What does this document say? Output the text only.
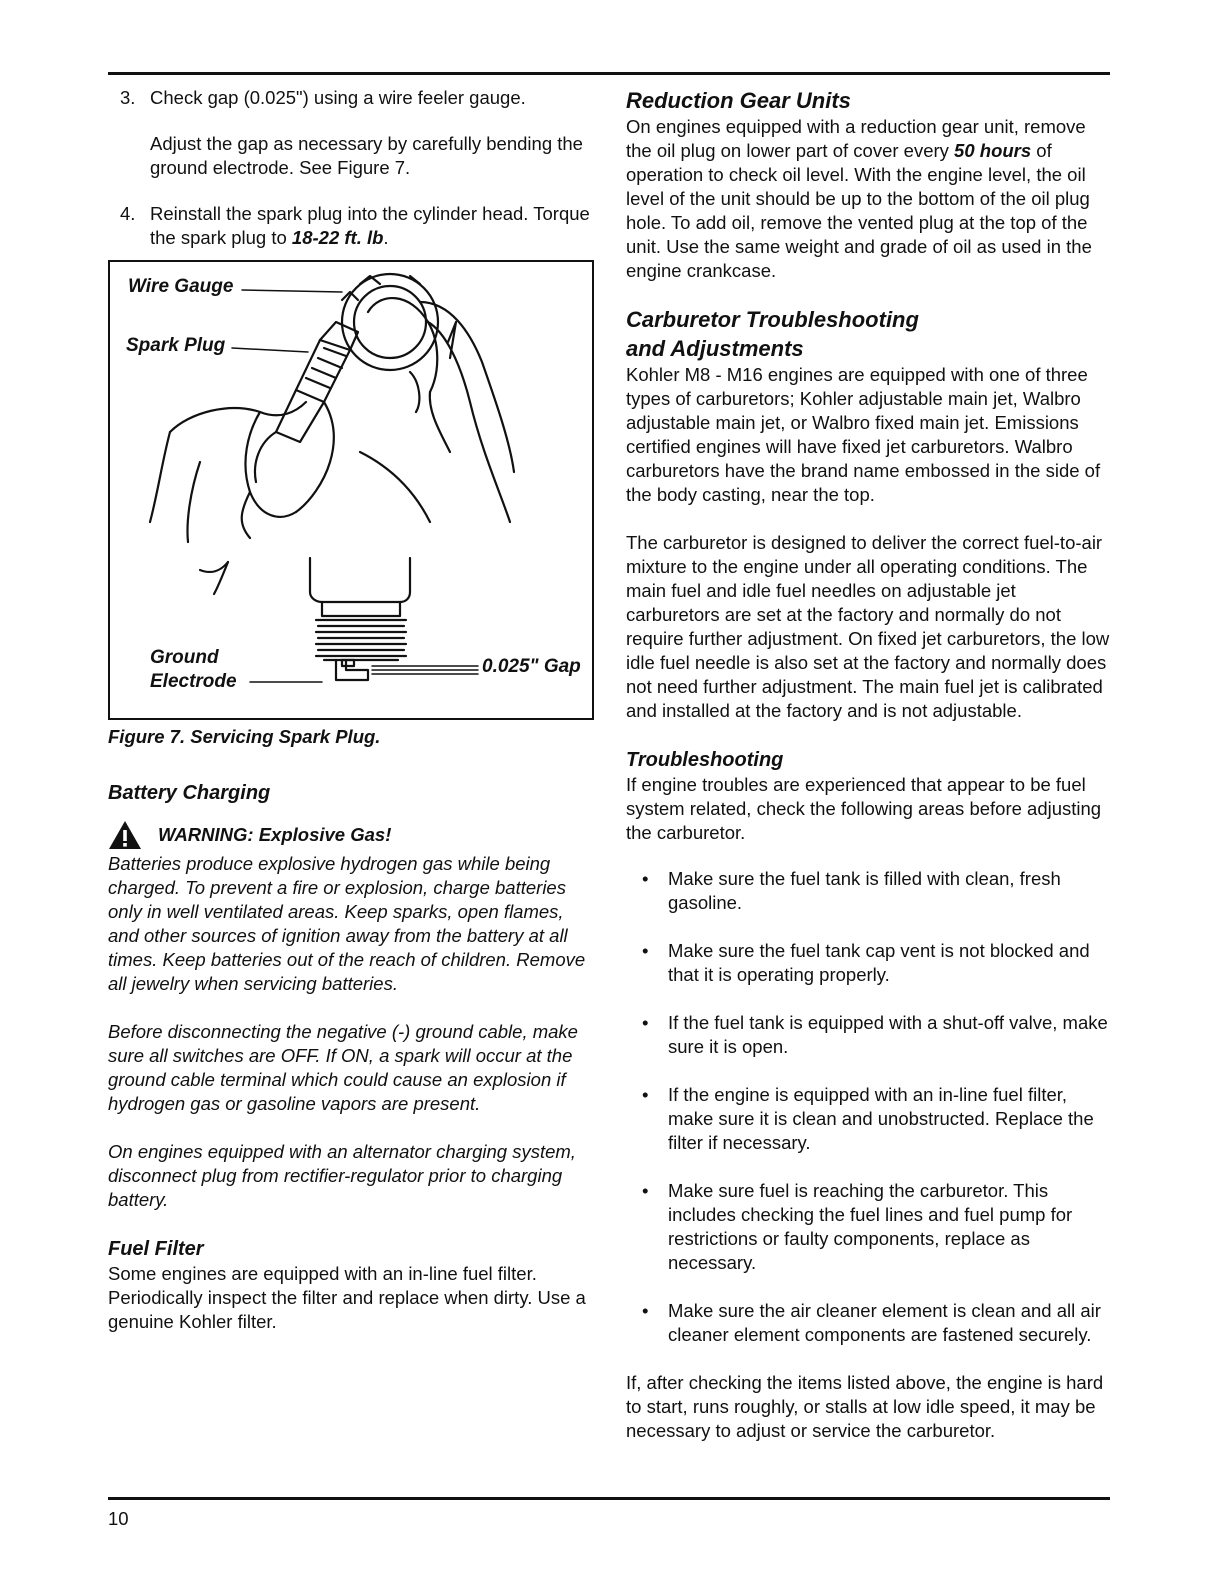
3. Check gap (0.025") using a wire feeler gauge.
Adjust the gap as necessary by carefully bending the ground electrode. See Figure 7.
4. Reinstall the spark plug into the cylinder head. Torque the spark plug to 18-22 ft. lb.
Wire Gauge
Spark Plug
Ground
Electrode
0.025" Gap
Figure 7. Servicing Spark Plug.
Battery Charging
WARNING: Explosive Gas!

Batteries produce explosive hydrogen gas while being charged. To prevent a fire or explosion, charge batteries only in well ventilated areas. Keep sparks, open flames, and other sources of ignition away from the battery at all times. Keep batteries out of the reach of children. Remove all jewelry when servicing batteries.

Before disconnecting the negative (-) ground cable, make sure all switches are OFF. If ON, a spark will occur at the ground cable terminal which could cause an explosion if hydrogen gas or gasoline vapors are present.

On engines equipped with an alternator charging system, disconnect plug from rectifier-regulator prior to charging battery.

Fuel Filter

Some engines are equipped with an in-line fuel filter. Periodically inspect the filter and replace when dirty. Use a genuine Kohler filter.

Reduction Gear Units

On engines equipped with a reduction gear unit, remove the oil plug on lower part of cover every 50 hours of operation to check oil level. With the engine level, the oil level of the unit should be up to the bottom of the oil plug hole. To add oil, remove the vented plug at the top of the unit. Use the same weight and grade of oil as used in the engine crankcase.

Carburetor Troubleshooting
and Adjustments

Kohler M8 - M16 engines are equipped with one of three types of carburetors; Kohler adjustable main jet, Walbro adjustable main jet, or Walbro fixed main jet. Emissions certified engines will have fixed jet carburetors. Walbro carburetors have the brand name embossed in the side of the body casting, near the top.

The carburetor is designed to deliver the correct fuel-to-air mixture to the engine under all operating conditions. The main fuel and idle fuel needles on adjustable jet carburetors are set at the factory and normally do not require further adjustment. On fixed jet carburetors, the low idle fuel needle is also set at the factory and normally does not need further adjustment. The main fuel jet is calibrated and installed at the factory and is not adjustable.

Troubleshooting

If engine troubles are experienced that appear to be fuel system related, check the following areas before adjusting the carburetor.

• Make sure the fuel tank is filled with clean, fresh gasoline.
• Make sure the fuel tank cap vent is not blocked and that it is operating properly.
• If the fuel tank is equipped with a shut-off valve, make sure it is open.
• If the engine is equipped with an in-line fuel filter, make sure it is clean and unobstructed. Replace the filter if necessary.
• Make sure fuel is reaching the carburetor. This includes checking the fuel lines and fuel pump for restrictions or faulty components, replace as necessary.
• Make sure the air cleaner element is clean and all air cleaner element components are fastened securely.

If, after checking the items listed above, the engine is hard to start, runs roughly, or stalls at low idle speed, it may be necessary to adjust or service the carburetor.

10
